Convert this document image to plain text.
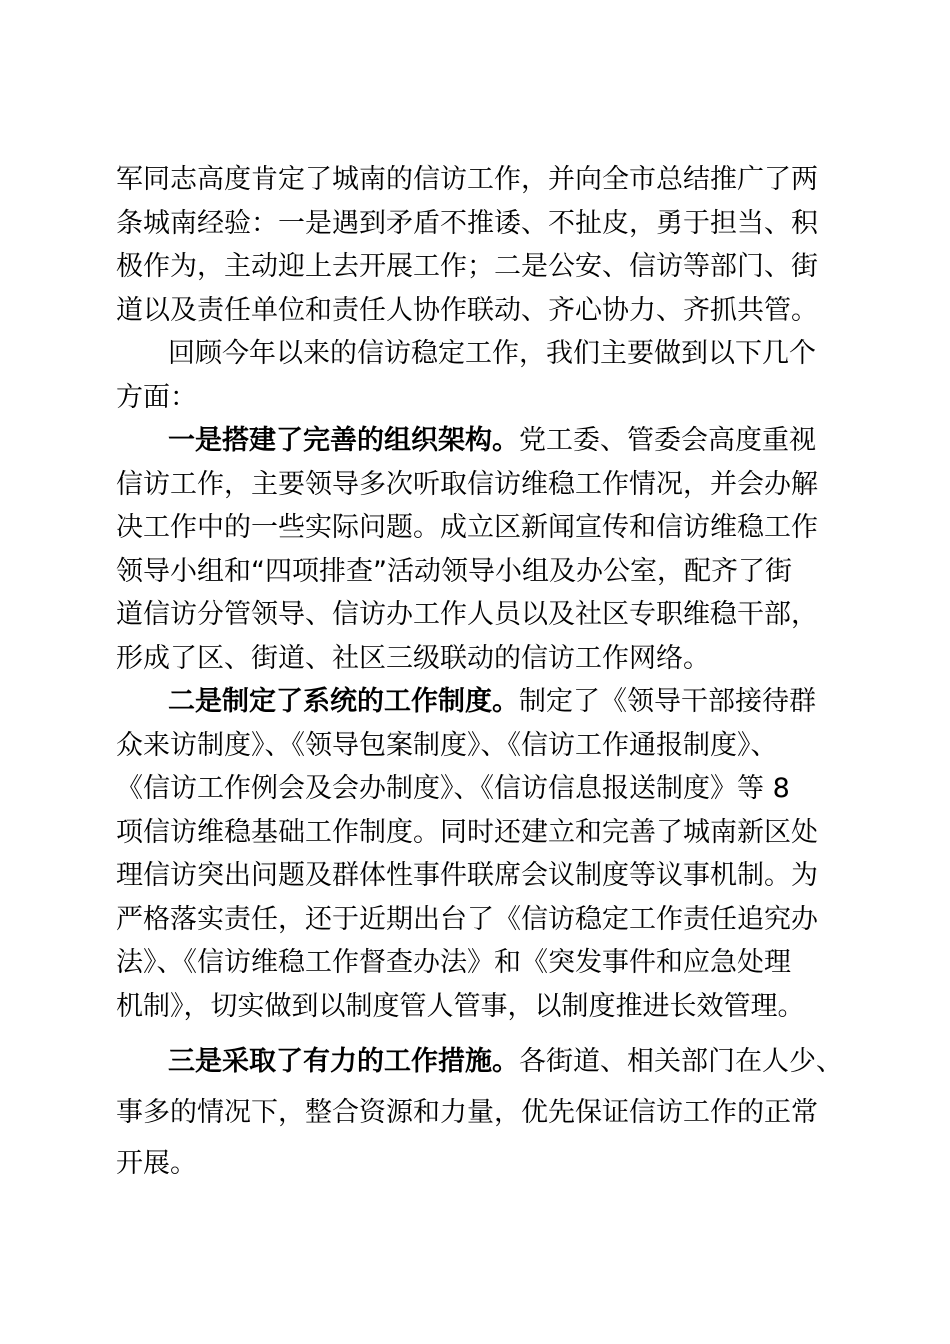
军同志高度肯定了城南的信访工作，并向全市总结推广了两
条城南经验：一是遇到矛盾不推诿、不扯皮，勇于担当、积
极作为，主动迎上去开展工作；二是公安、信访等部门、街
道以及责任单位和责任人协作联动、齐心协力、齐抓共管。
回顾今年以来的信访稳定工作，我们主要做到以下几个
方面：
一是搭建了完善的组织架构。党工委、管委会高度重视
信访工作，主要领导多次听取信访维稳工作情况，并会办解
决工作中的一些实际问题。成立区新闻宣传和信访维稳工作
领导小组和“四项排查”活动领导小组及办公室，配齐了街
道信访分管领导、信访办工作人员以及社区专职维稳干部，
形成了区、街道、社区三级联动的信访工作网络。
二是制定了系统的工作制度。制定了《领导干部接待群
众来访制度》、《领导包案制度》、《信访工作通报制度》、
《信访工作例会及会办制度》、《信访信息报送制度》等 8
项信访维稳基础工作制度。同时还建立和完善了城南新区处
理信访突出问题及群体性事件联席会议制度等议事机制。为
严格落实责任，还于近期出台了《信访稳定工作责任追究办
法》、《信访维稳工作督查办法》和《突发事件和应急处理
机制》，切实做到以制度管人管事，以制度推进长效管理。
三是采取了有力的工作措施。各街道、相关部门在人少、
事多的情况下，整合资源和力量，优先保证信访工作的正常
开展。
